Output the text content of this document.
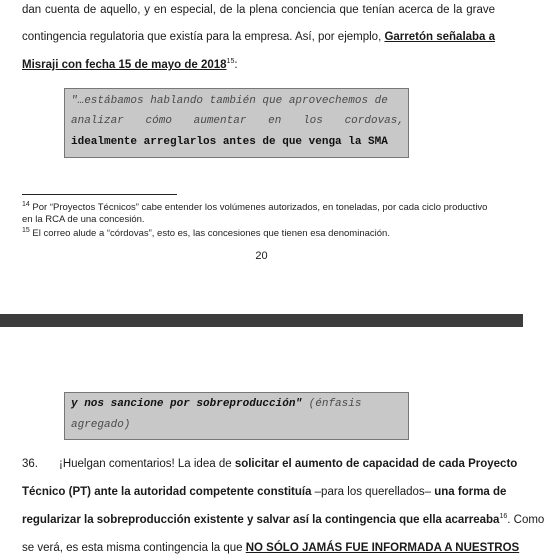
dan cuenta de aquello, y en especial, de la plena conciencia que tenían acerca de la grave
contingencia regulatoria que existía para la empresa. Así, por ejemplo, Garretón señalaba a
Misraji con fecha 15 de mayo de 2018$^{15}$:
"…estábamos hablando también que aprovechemos de
analizar cómo aumentar en los cordovas,
idealmente arreglarlos antes de que venga la SMA
$^{14}$ Por “Proyectos Técnicos” cabe entender los volúmenes autorizados, en toneladas, por cada ciclo productivo en la RCA de una concesión.
$^{15}$ El correo alude a “córdovas”, esto es, las concesiones que tienen esa denominación.
20
y nos sancione por sobreproducción" (énfasis
agregado)
36. ¡Huelgan comentarios! La idea de solicitar el aumento de capacidad de cada Proyecto
Técnico (PT) ante la autoridad competente constituía –para los querellados– una forma de
regularizar la sobreproducción existente y salvar así la contingencia que ella acarreaba$^{16}$. Como
se verá, es esta misma contingencia la que NO SÓLO JAMÁS FUE INFORMADA A NUESTROS
